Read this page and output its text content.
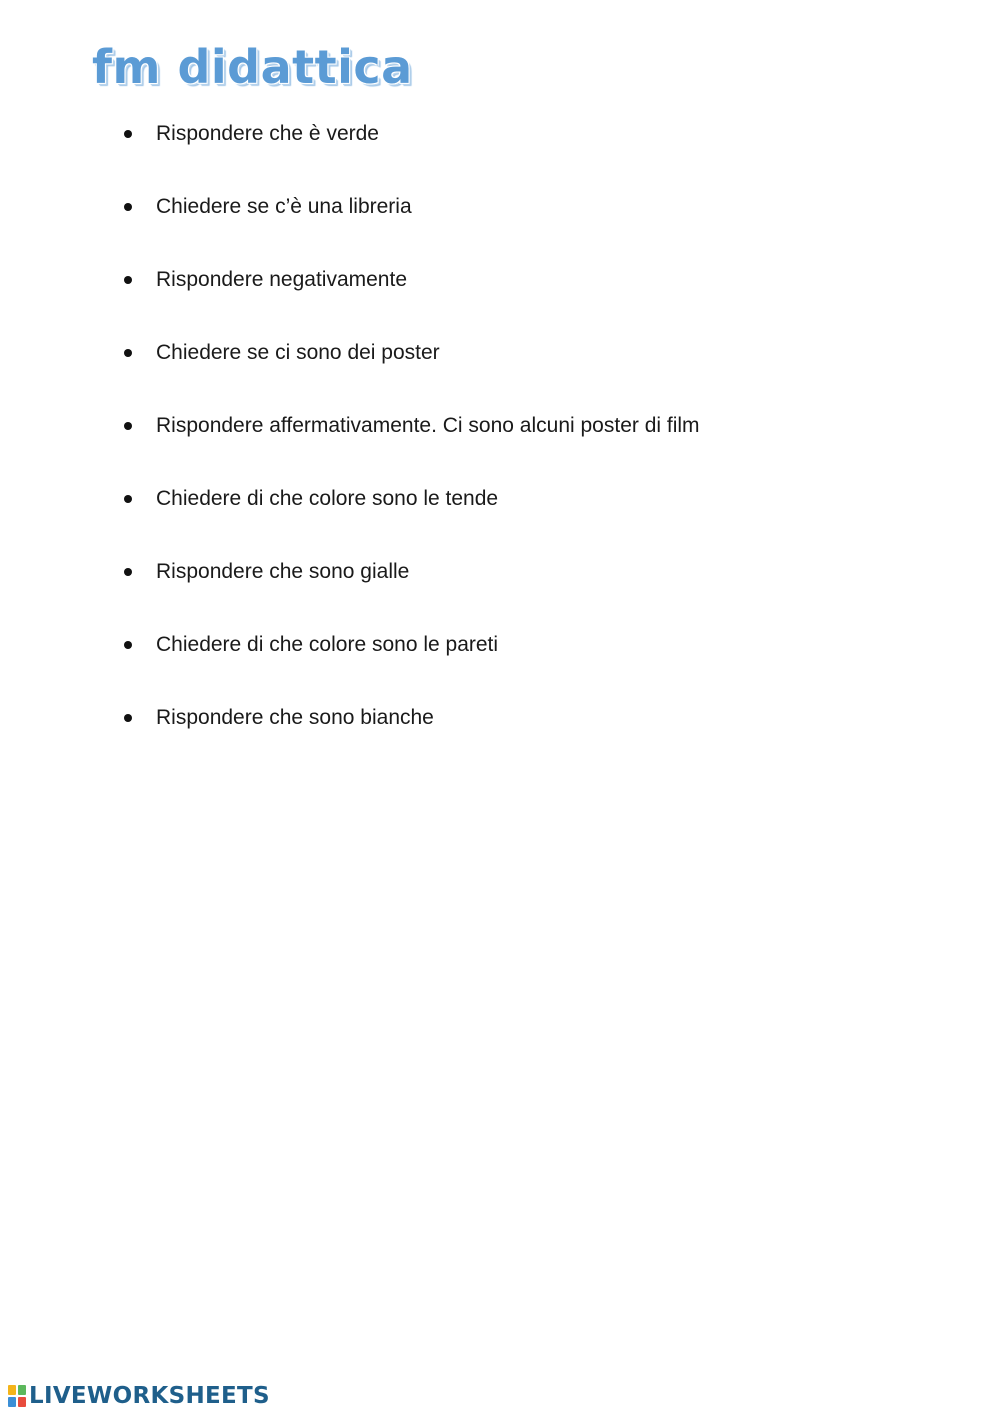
fm didattica
Rispondere che è verde
Chiedere se c’è una libreria
Rispondere negativamente
Chiedere se ci sono dei poster
Rispondere affermativamente. Ci sono alcuni poster di film
Chiedere di che colore sono le tende
Rispondere che sono gialle
Chiedere di che colore sono le pareti
Rispondere che sono bianche
LIVEWORKSHEETS
